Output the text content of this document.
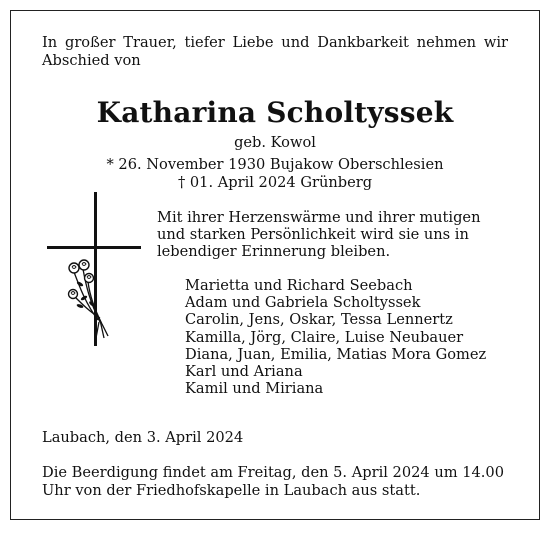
In großer Trauer, tiefer Liebe und Dankbarkeit nehmen wir Abschied von
Katharina Scholtyssek
geb. Kowol
* 26. November 1930 Bujakow Oberschlesien
† 01. April 2024 Grünberg
Mit ihrer Herzenswärme und ihrer mutigen und starken Persönlichkeit wird sie uns in lebendiger Erinnerung bleiben.
Marietta und Richard Seebach
Adam und Gabriela Scholtyssek
Carolin, Jens, Oskar, Tessa Lennertz
Kamilla, Jörg, Claire, Luise Neubauer
Diana, Juan, Emilia, Matias Mora Gomez
Karl und Ariana
Kamil und Miriana
Laubach, den 3. April 2024
Die Beerdigung findet am Freitag, den 5. April 2024 um 14.00 Uhr von der Friedhofskapelle in Laubach aus statt.
